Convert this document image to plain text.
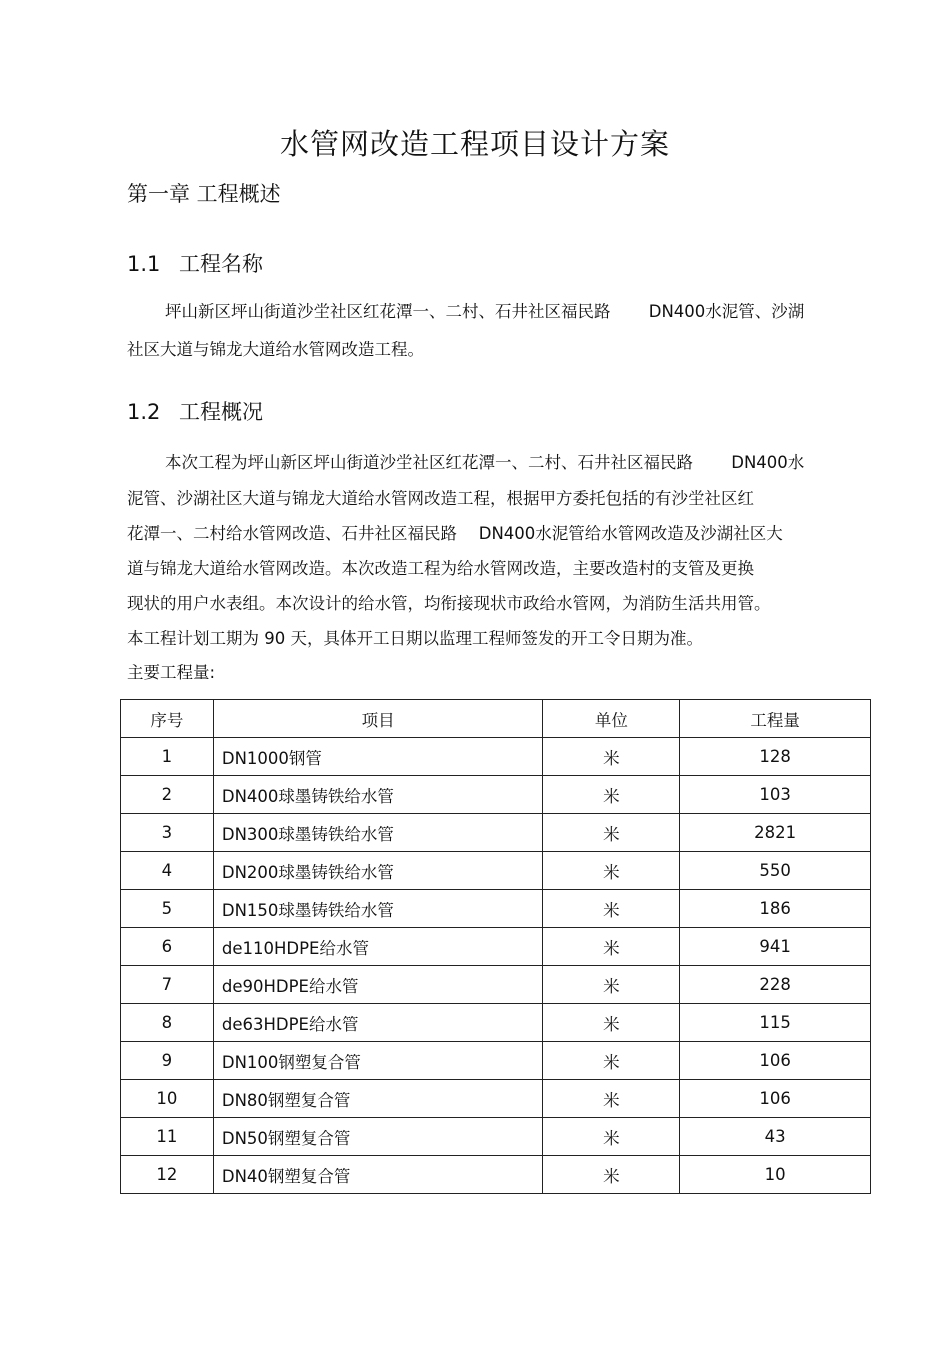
水管网改造工程项目设计方案
第一章 工程概述
1.1 工程名称
坪山新区坪山街道沙坣社区红花潭一、二村、石井社区福民路　　 DN400水泥管、沙湖
社区大道与锦龙大道给水管网改造工程。
1.2 工程概况
本次工程为坪山新区坪山街道沙坣社区红花潭一、二村、石井社区福民路　　 DN400水
泥管、沙湖社区大道与锦龙大道给水管网改造工程，根据甲方委托包括的有沙坣社区红
花潭一、二村给水管网改造、石井社区福民路　 DN400水泥管给水管网改造及沙湖社区大
道与锦龙大道给水管网改造。本次改造工程为给水管网改造，主要改造村的支管及更换
现状的用户水表组。本次设计的给水管，均衔接现状市政给水管网，为消防生活共用管。
本工程计划工期为 90 天，具体开工日期以监理工程师签发的开工令日期为准。
主要工程量:
序号	项目	单位	工程量
1	DN1000钢管	米	128
2	DN400球墨铸铁给水管	米	103
3	DN300球墨铸铁给水管	米	2821
4	DN200球墨铸铁给水管	米	550
5	DN150球墨铸铁给水管	米	186
6	de110HDPE给水管	米	941
7	de90HDPE给水管	米	228
8	de63HDPE给水管	米	115
9	DN100钢塑复合管	米	106
10	DN80钢塑复合管	米	106
11	DN50钢塑复合管	米	43
12	DN40钢塑复合管	米	10
